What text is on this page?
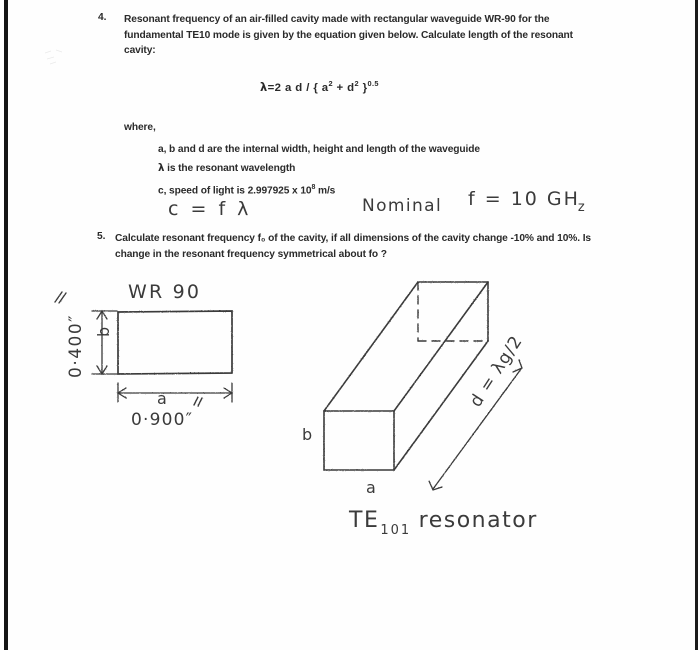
4. Resonant frequency of an air-filled cavity made with rectangular waveguide WR-90 for the fundamental TE10 mode is given by the equation given below. Calculate length of the resonant cavity:
λ=2 a d / { $a^2 + d^2$ }$^{0.5}$
where,
a, b and d are the internal width, height and length of the waveguide
λ is the resonant wavelength
c, speed of light is 2.997925 x $10^8$ m/s
c = f λ	Nominal f = 10 $GH_z$
5. Calculate resonant frequency f₀ of the cavity, if all dimensions of the cavity change -10% and 10%. Is change in the resonant frequency symmetrical about fo ?
WR 90
b
0·400″
a
0·900″
b
a
d = λg/2
$TE_{101}$ resonator
